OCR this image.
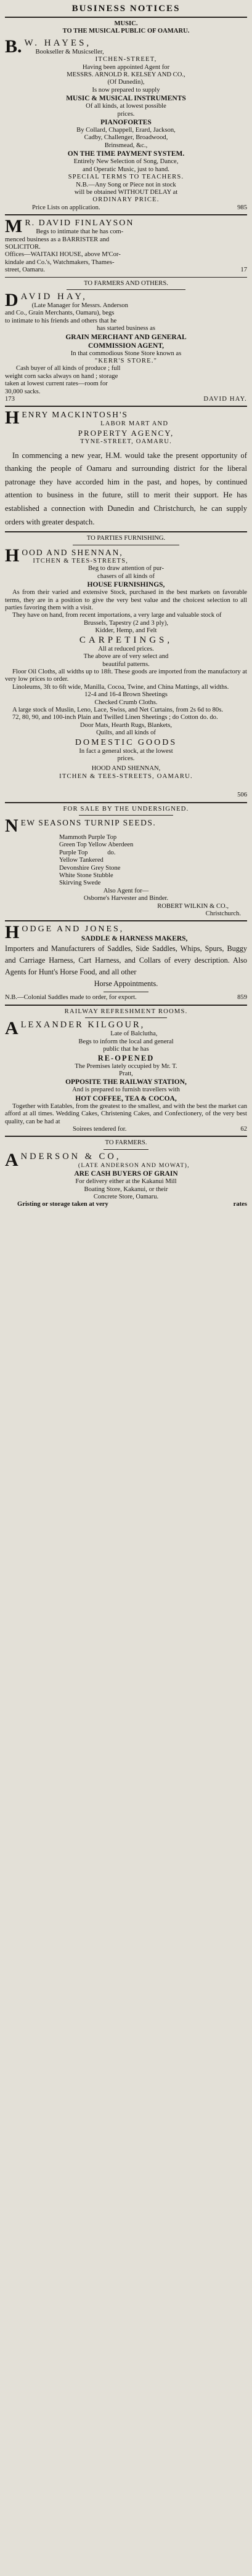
BUSINESS NOTICES

MUSIC.

TO THE MUSICAL PUBLIC OF OAMARU.

B. W. HAYES,
Bookseller & Musicseller,

ITCHEN-STREET,

Having been appointed Agent for

MESSRS. ARNOLD R. KELSEY AND CO.,

(Of Dunedin),

Is now prepared to supply

MUSIC & MUSICAL INSTRUMENTS

Of all kinds, at lowest possible

prices.

PIANOFORTES

By Collard, Chappell, Erard, Jackson,

Cadby, Challenger, Broadwood,

Brinsmead, &c.,

ON THE TIME PAYMENT SYSTEM.

Entirely New Selection of Song, Dance,

and Operatic Music, just to hand.

SPECIAL TERMS TO TEACHERS.

N.B.—Any Song or Piece not in stock

will be obtained WITHOUT DELAY at

ORDINARY PRICE.

Price Lists on application.	985

M R. DAVID FINLAYSON
Begs to intimate that he has com-

menced business as a BARRISTER and

SOLICITOR.

Offices—WAITAKI HOUSE, above M'Cor-

kindale and Co.'s, Watchmakers, Thames-

street, Oamaru.	17

TO FARMERS AND OTHERS.

D AVID HAY,
(Late Manager for Messrs. Anderson

and Co., Grain Merchants, Oamaru), begs

to intimate to his friends and others that he

has started business as

GRAIN MERCHANT AND GENERAL

COMMISSION AGENT,

In that commodious Stone Store known as

"KERR'S STORE."

Cash buyer of all kinds of produce ; full

weight corn sacks always on hand ; storage

taken at lowest current rates—room for

30,000 sacks.

173	DAVID HAY.

H ENRY MACKINTOSH'S

LABOR MART AND

PROPERTY AGENCY,

TYNE-STREET, OAMARU.

In commencing a new year, H.M. would take the present opportunity of thanking the people of Oamaru and surrounding district for the liberal patronage they have accorded him in the past, and hopes, by continued attention to business in the future, still to merit their support. He has established a connection with Dunedin and Christchurch, he can supply orders with greater despatch.

TO PARTIES FURNISHING.

H OOD AND SHENNAN,
ITCHEN & TEES-STREETS,

Beg to draw attention of pur-

chasers of all kinds of

HOUSE FURNISHINGS,

As from their varied and extensive Stock, purchased in the best markets on favorable terms, they are in a position to give the very best value and the choicest selection to all parties favoring them with a visit.

They have on hand, from recent importations, a very large and valuable stock of

Brussels, Tapestry (2 and 3 ply),

Kidder, Hemp, and Felt

CARPETINGS,

All at reduced prices.

The above are of very select and

beautiful patterns.

Floor Oil Cloths, all widths up to 18ft. These goods are imported from the manufactory at very low prices to order.

Linoleums, 3ft to 6ft wide, Manilla, Cocoa, Twine, and China Mattings, all widths.

12-4 and 16-4 Brown Sheetings

Checked Crumb Cloths.

A large stock of Muslin, Leno, Lace, Swiss, and Net Curtains, from 2s 6d to 80s.

72, 80, 90, and 100-inch Plain and Twilled Linen Sheetings ; do Cotton do. do.

Door Mats, Hearth Rugs, Blankets,

Quilts, and all kinds of

DOMESTIC GOODS

In fact a general stock, at the lowest

prices.

HOOD AND SHENNAN,

ITCHEN & TEES-STREETS, OAMARU.

506

FOR SALE BY THE UNDERSIGNED.

N EW SEASONS TURNIP SEEDS.

Mammoth Purple Top

Green Top Yellow Aberdeen

Purple Top            do.

Yellow Tankered

Devonshire Grey Stone

White Stone Stubble

Skirving Swede

Also Agent for—

Osborne's Harvester and Binder.

ROBERT WILKIN & CO.,

Christchurch.

H ODGE AND JONES,

SADDLE & HARNESS MAKERS,

Importers and Manufacturers of Saddles, Side Saddles, Whips, Spurs, Buggy and Carriage Harness, Cart Harness, and Collars of every description. Also Agents for Hunt's Horse Food, and all other

Horse Appointments.

N.B.—Colonial Saddles made to order, for export.	859

RAILWAY REFRESHMENT ROOMS.

A LEXANDER KILGOUR,

Late of Balclutha,

Begs to inform the local and general

public that he has

RE-OPENED

The Premises lately occupied by Mr. T.

Pratt,

OPPOSITE THE RAILWAY STATION,

And is prepared to furnish travellers with

HOT COFFEE, TEA & COCOA,

Together with Eatables, from the greatest to the smallest, and with the best the market can afford at all times. Wedding Cakes, Christening Cakes, and Confectionery, of the very best quality, can be had at

Soirees tendered for.	62

TO FARMERS.

A NDERSON & CO,

(LATE ANDERSON AND MOWAT),

ARE CASH BUYERS OF GRAIN

For delivery either at the Kakanui Mill

Boating Store, Kakanui, or their

Concrete Store, Oamaru.

Gristing or storage taken at very	rates
